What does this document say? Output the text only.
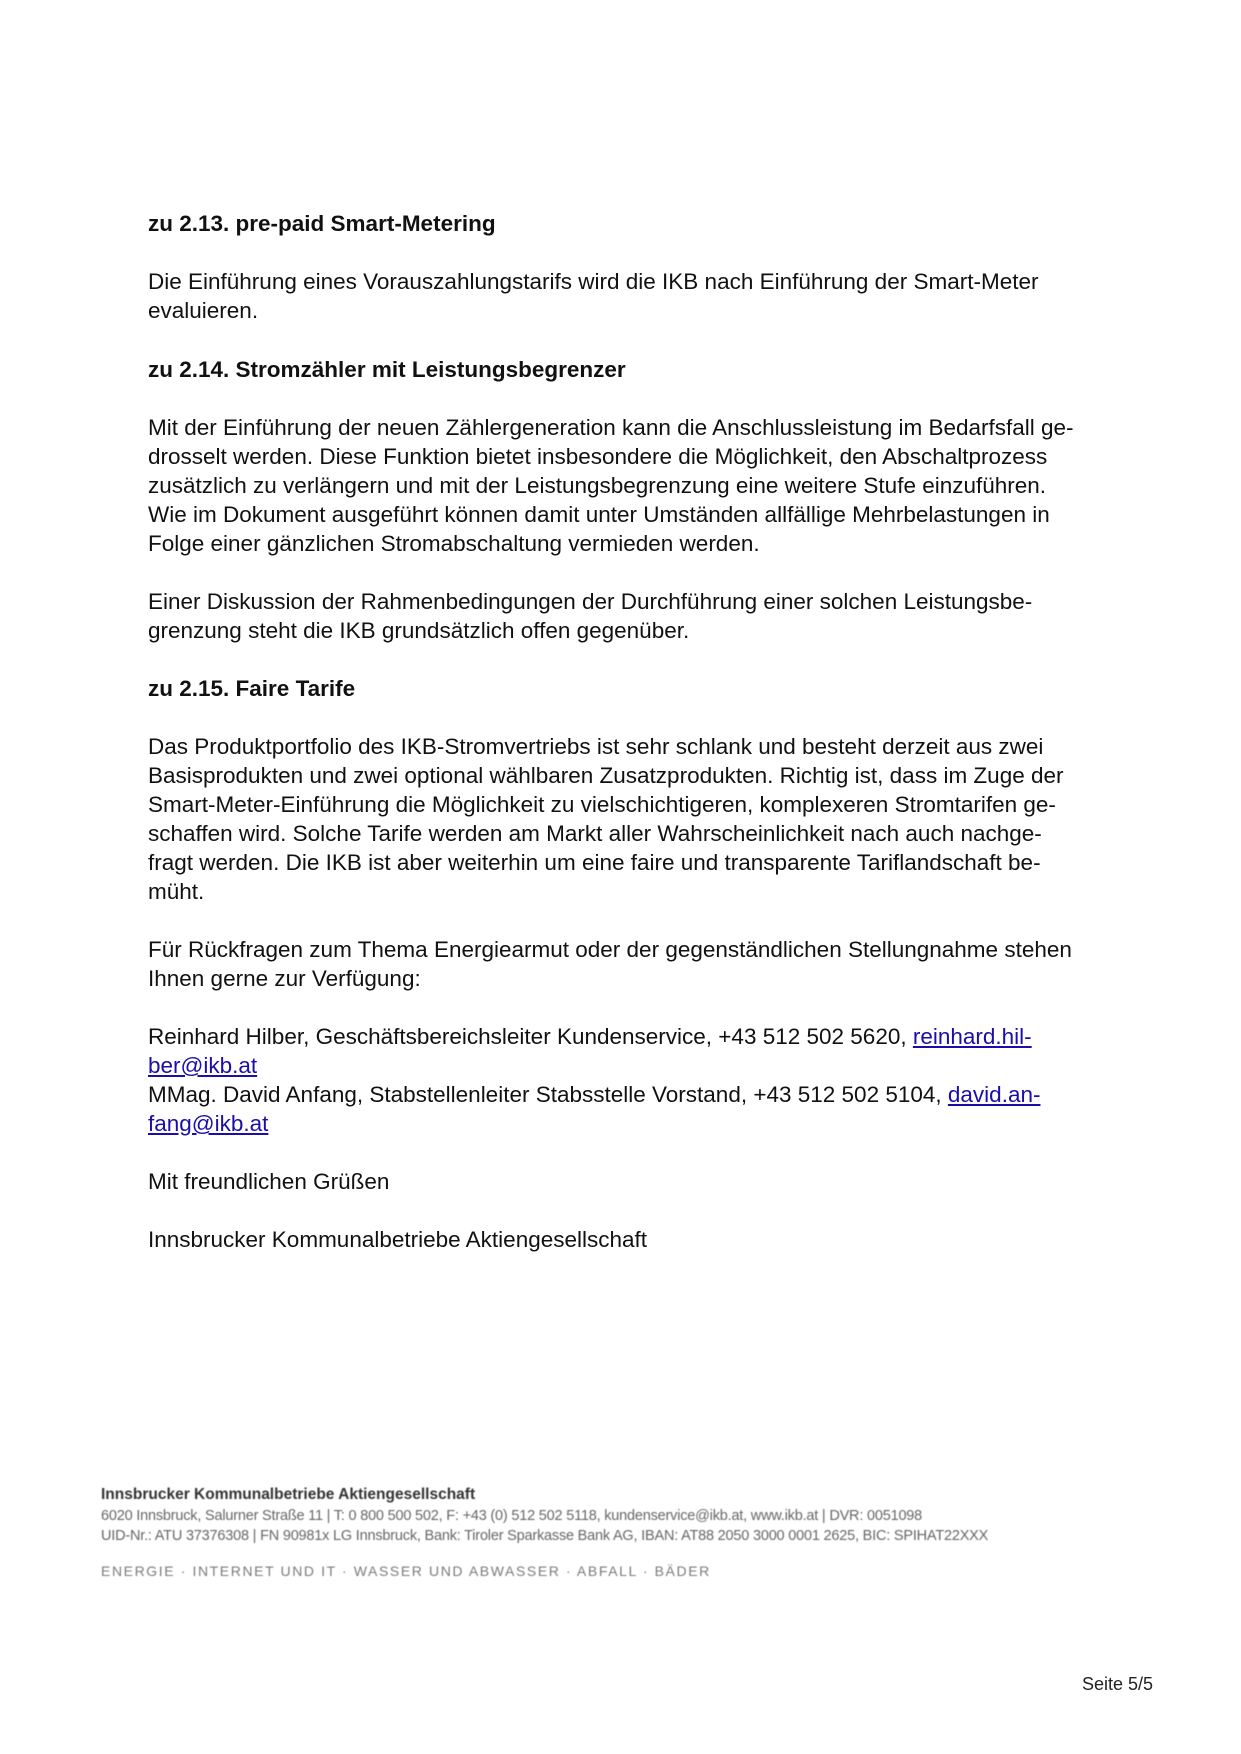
zu 2.13. pre-paid Smart-Metering
Die Einführung eines Vorauszahlungstarifs wird die IKB nach Einführung der Smart-Meter
evaluieren.
zu 2.14. Stromzähler mit Leistungsbegrenzer
Mit der Einführung der neuen Zählergeneration kann die Anschlussleistung im Bedarfsfall ge-
drosselt werden. Diese Funktion bietet insbesondere die Möglichkeit, den Abschaltprozess
zusätzlich zu verlängern und mit der Leistungsbegrenzung eine weitere Stufe einzuführen.
Wie im Dokument ausgeführt können damit unter Umständen allfällige Mehrbelastungen in
Folge einer gänzlichen Stromabschaltung vermieden werden.
Einer Diskussion der Rahmenbedingungen der Durchführung einer solchen Leistungsbe-
grenzung steht die IKB grundsätzlich offen gegenüber.
zu 2.15. Faire Tarife
Das Produktportfolio des IKB-Stromvertriebs ist sehr schlank und besteht derzeit aus zwei
Basisprodukten und zwei optional wählbaren Zusatzprodukten. Richtig ist, dass im Zuge der
Smart-Meter-Einführung die Möglichkeit zu vielschichtigeren, komplexeren Stromtarifen ge-
schaffen wird. Solche Tarife werden am Markt aller Wahrscheinlichkeit nach auch nachge-
fragt werden. Die IKB ist aber weiterhin um eine faire und transparente Tariflandschaft be-
müht.
Für Rückfragen zum Thema Energiearmut oder der gegenständlichen Stellungnahme stehen
Ihnen gerne zur Verfügung:
Reinhard Hilber, Geschäftsbereichsleiter Kundenservice, +43 512 502 5620, reinhard.hil-
ber@ikb.at
MMag. David Anfang, Stabstellenleiter Stabsstelle Vorstand, +43 512 502 5104, david.an-
fang@ikb.at
Mit freundlichen Grüßen
Innsbrucker Kommunalbetriebe Aktiengesellschaft
Innsbrucker Kommunalbetriebe Aktiengesellschaft
6020 Innsbruck, Salurner Straße 11 | T: 0 800 500 502, F: +43 (0) 512 502 5118, kundenservice@ikb.at, www.ikb.at | DVR: 0051098
UID-Nr.: ATU 37376308 | FN 90981x LG Innsbruck, Bank: Tiroler Sparkasse Bank AG, IBAN: AT88 2050 3000 0001 2625, BIC: SPIHAT22XXX
ENERGIE · INTERNET UND IT · WASSER UND ABWASSER · ABFALL · BÄDER
Seite 5/5
